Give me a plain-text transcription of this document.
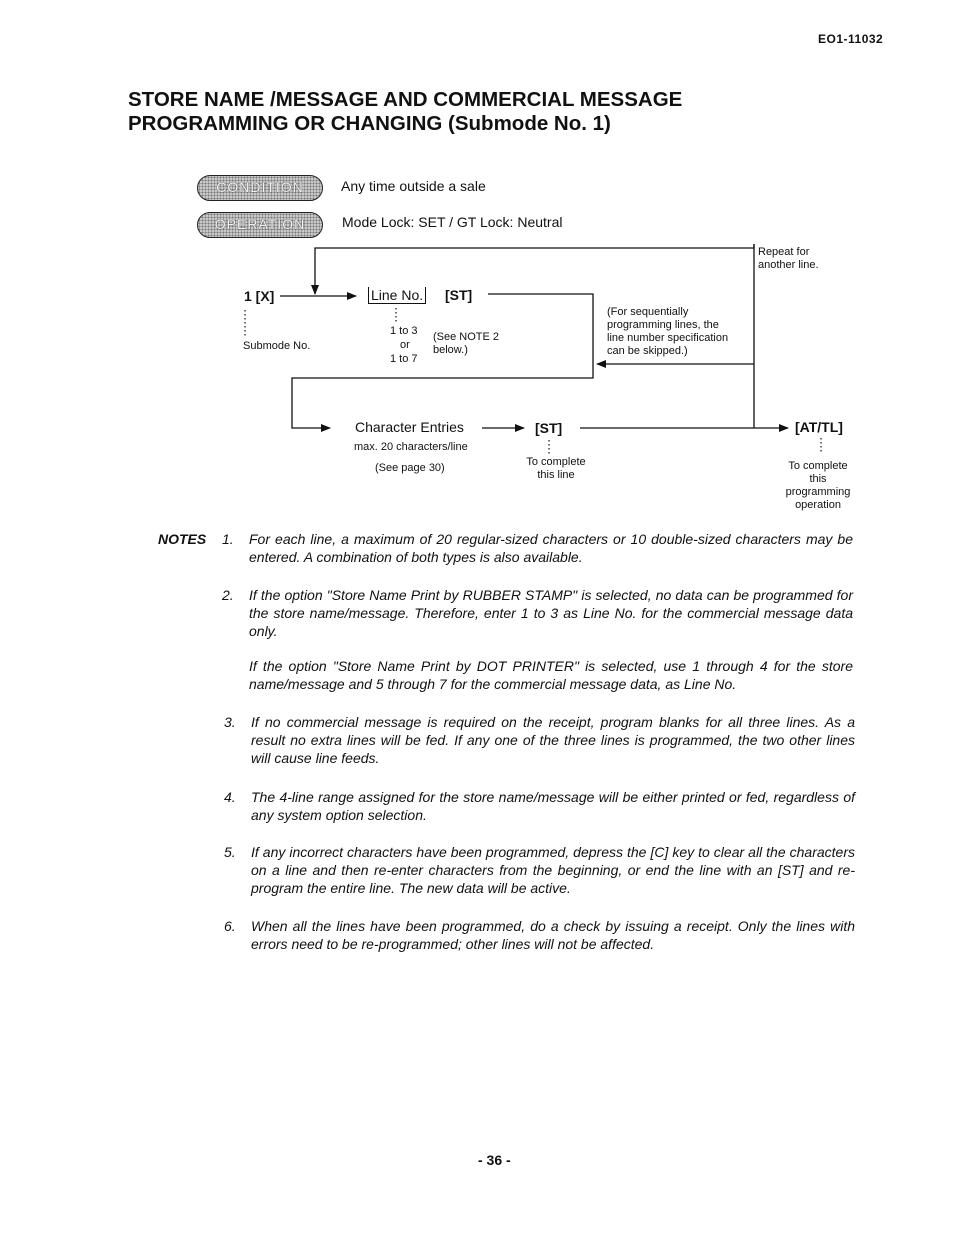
EO1-11032
STORE NAME /MESSAGE AND COMMERCIAL MESSAGE
PROGRAMMING OR CHANGING (Submode No. 1)
CONDITION	Any time outside a sale
OPERATION	Mode Lock: SET / GT Lock: Neutral
Repeat for
another line.
1 [X]
Submode No.
Line No. [ST]
1 to 3
or
1 to 7
(See NOTE 2
below.)
(For sequentially
programming lines, the
line number specification
can be skipped.)
Character Entries
max. 20 characters/line
(See page 30)
[ST]
To complete
this line
[AT/TL]
To complete
this
programming
operation
NOTES 1. For each line, a maximum of 20 regular-sized characters or 10 double-sized characters may be entered. A combination of both types is also available.
2. If the option "Store Name Print by RUBBER STAMP" is selected, no data can be programmed for the store name/message. Therefore, enter 1 to 3 as Line No. for the commercial message data only.
If the option "Store Name Print by DOT PRINTER" is selected, use 1 through 4 for the store name/message and 5 through 7 for the commercial message data, as Line No.
3. If no commercial message is required on the receipt, program blanks for all three lines. As a result no extra lines will be fed. If any one of the three lines is programmed, the two other lines will cause line feeds.
4. The 4-line range assigned for the store name/message will be either printed or fed, regardless of any system option selection.
5. If any incorrect characters have been programmed, depress the [C] key to clear all the characters on a line and then re-enter characters from the beginning, or end the line with an [ST] and re-program the entire line. The new data will be active.
6. When all the lines have been programmed, do a check by issuing a receipt. Only the lines with errors need to be re-programmed; other lines will not be affected.
- 36 -
